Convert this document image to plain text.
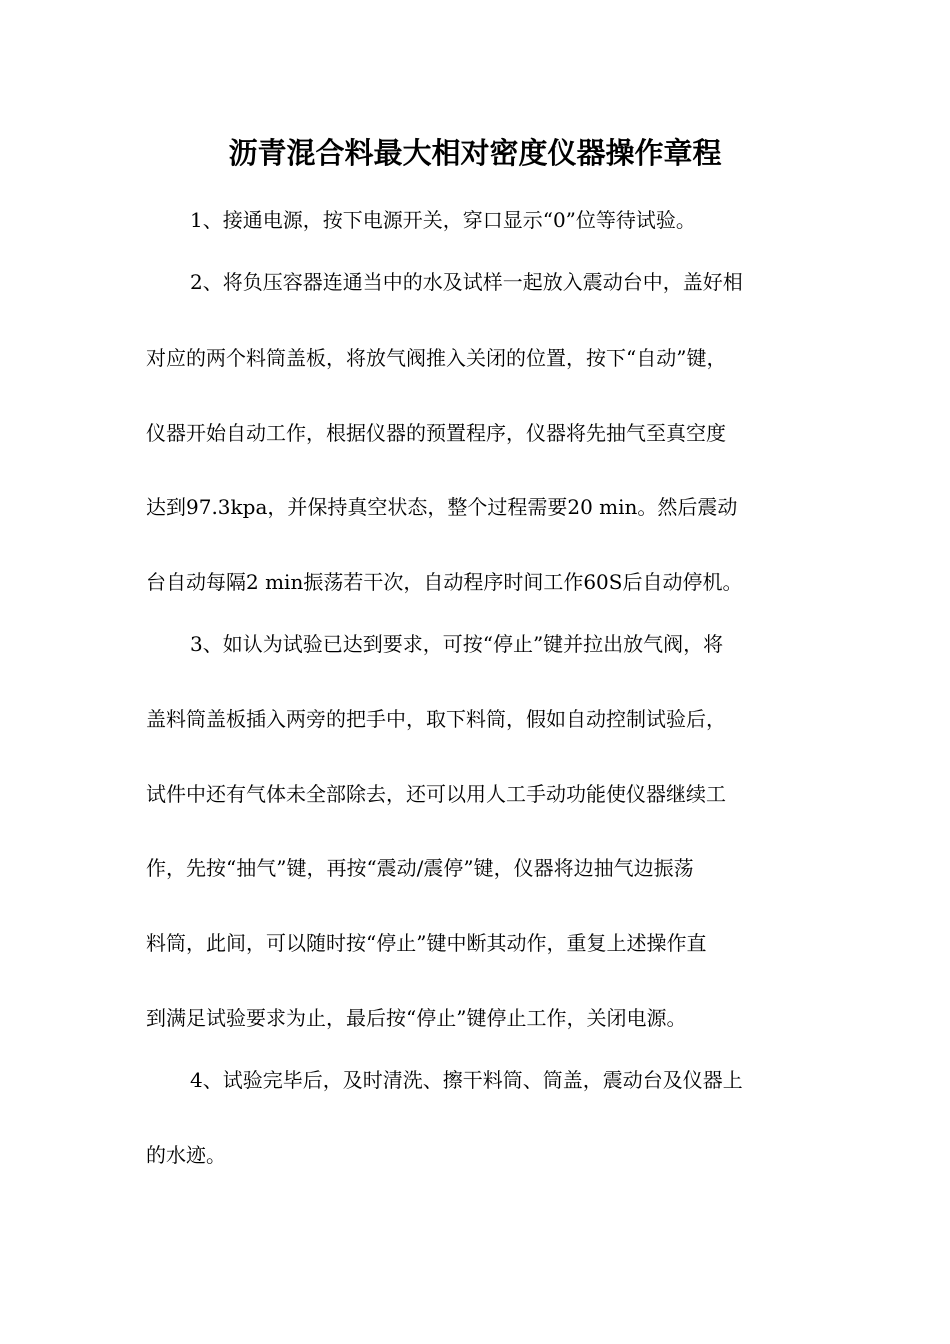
沥青混合料最大相对密度仪器操作章程

1、接通电源，按下电源开关，穿口显示“0”位等待试验。

2、将负压容器连通当中的水及试样一起放入震动台中，盖好相

对应的两个料筒盖板，将放气阀推入关闭的位置，按下“自动”键，

仪器开始自动工作，根据仪器的预置程序，仪器将先抽气至真空度

达到97.3kpa，并保持真空状态，整个过程需要20 min。然后震动

台自动每隔2 min振荡若干次，自动程序时间工作60S后自动停机。

3、如认为试验已达到要求，可按“停止”键并拉出放气阀，将

盖料筒盖板插入两旁的把手中，取下料筒，假如自动控制试验后，

试件中还有气体未全部除去，还可以用人工手动功能使仪器继续工

作，先按“抽气”键，再按“震动/震停”键，仪器将边抽气边振荡

料筒，此间，可以随时按“停止”键中断其动作，重复上述操作直

到满足试验要求为止，最后按“停止”键停止工作，关闭电源。

4、试验完毕后，及时清洗、擦干料筒、筒盖，震动台及仪器上

的水迹。
